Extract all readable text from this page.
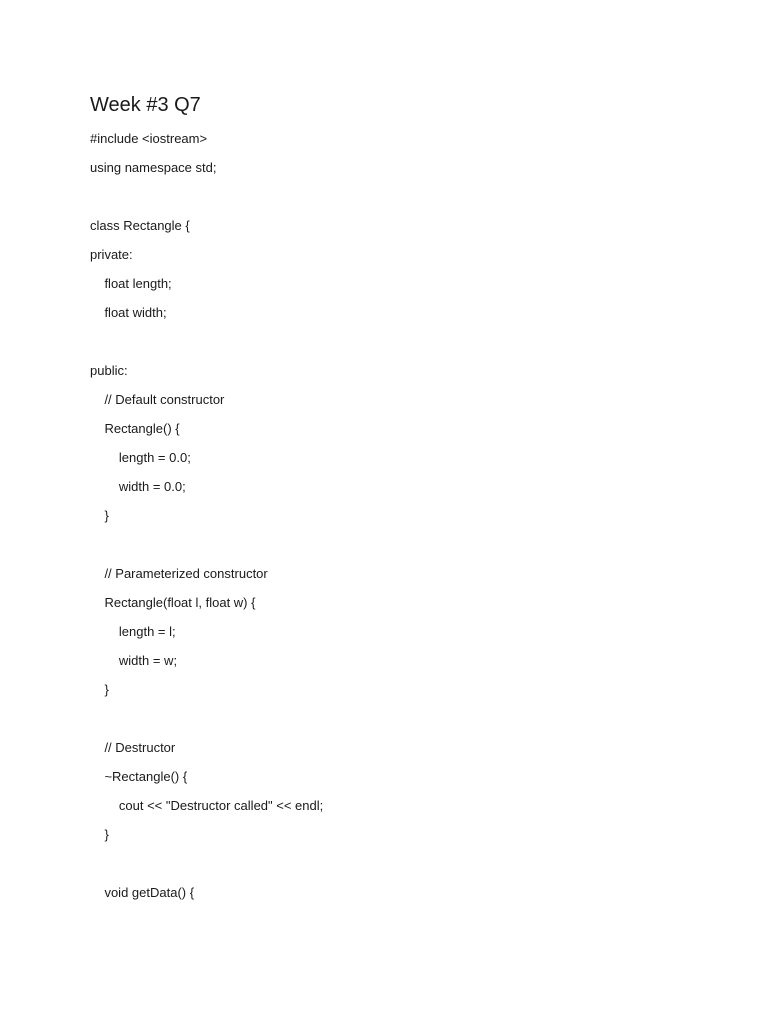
Week #3 Q7

#include <iostream>

using namespace std;

class Rectangle {

private:

float length;

float width;

public:

// Default constructor

Rectangle() {

length = 0.0;

width = 0.0;

}

// Parameterized constructor

Rectangle(float l, float w) {

length = l;

width = w;

}

// Destructor

~Rectangle() {

cout << "Destructor called" << endl;

}

void getData() {
